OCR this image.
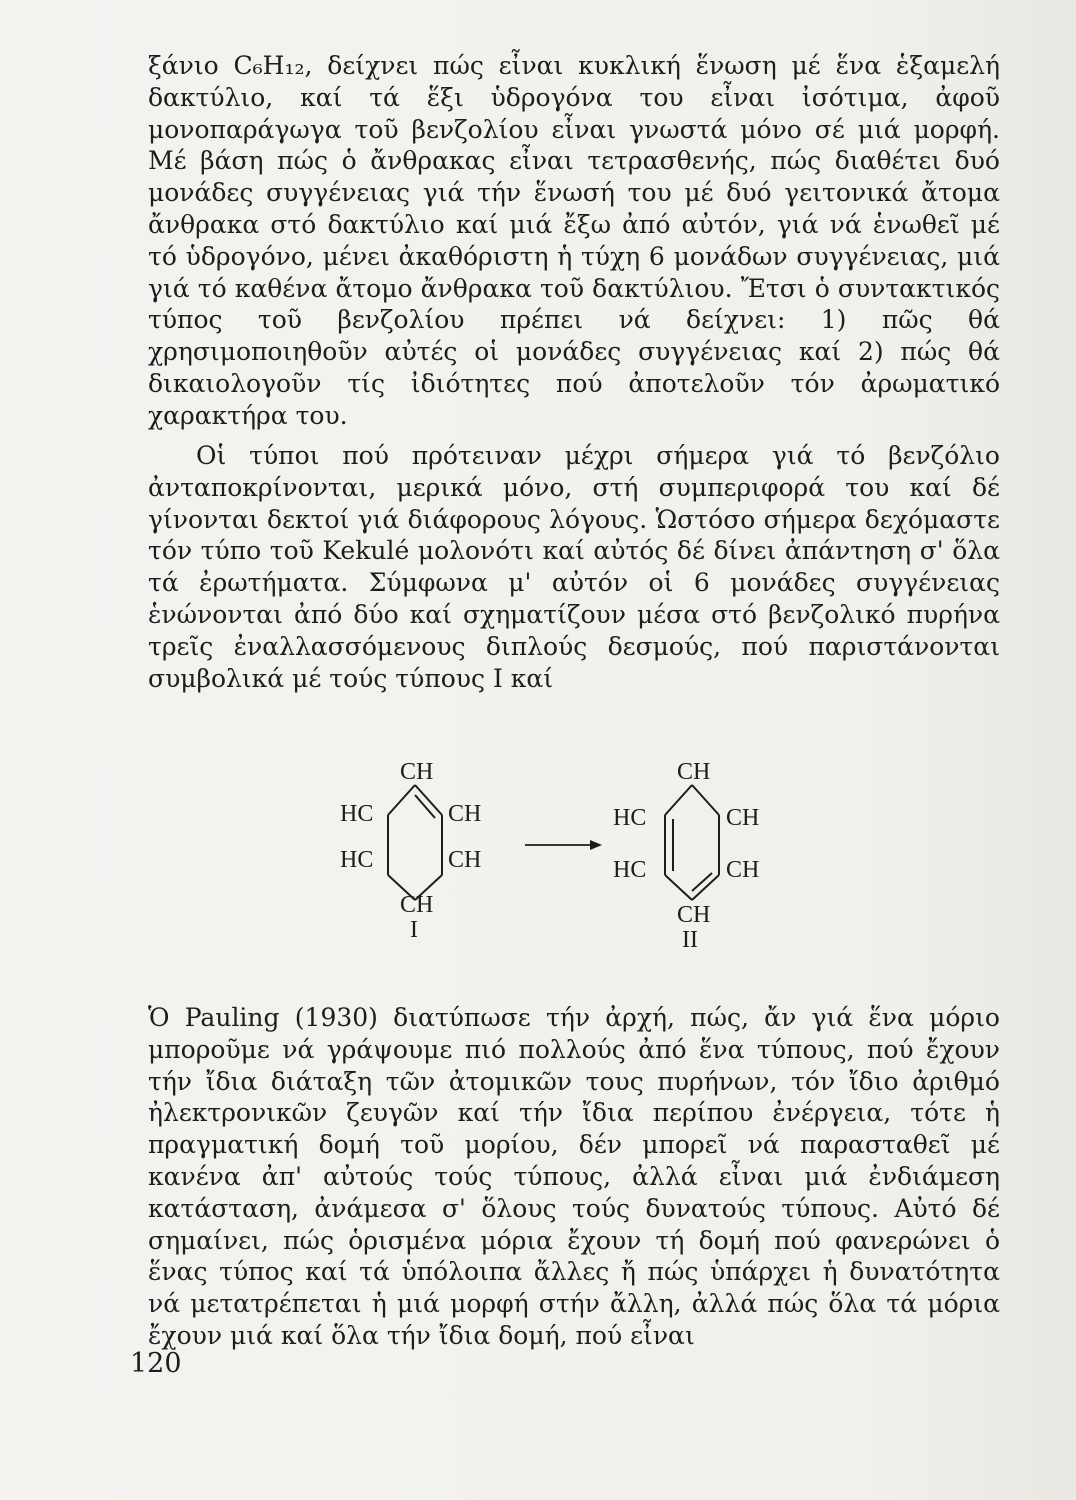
ξάνιο C₆H₁₂, δείχνει πώς εἶναι κυκλική ἕνωση μέ ἕνα ἑξαμελή δακτύλιο, καί τά ἕξι ὑδρογόνα του εἶναι ἰσότιμα, ἀφοῦ μονοπαράγωγα τοῦ βενζολίου εἶναι γνωστά μόνο σέ μιά μορφή. Μέ βάση πώς ὁ ἄνθρακας εἶναι τετρασθενής, πώς διαθέτει δυό μονάδες συγγένειας γιά τήν ἕνωσή του μέ δυό γειτονικά ἄτομα ἄνθρακα στό δακτύλιο καί μιά ἔξω ἀπό αὐτόν, γιά νά ἑνωθεῖ μέ τό ὑδρογόνο, μένει ἀκαθόριστη ἡ τύχη 6 μονάδων συγγένειας, μιά γιά τό καθένα ἄτομο ἄνθρακα τοῦ δακτύλιου. Ἔτσι ὁ συντακτικός τύπος τοῦ βενζολίου πρέπει νά δείχνει: 1) πῶς θά χρησιμοποιηθοῦν αὐτές οἱ μονάδες συγγένειας καί 2) πώς θά δικαιολογοῦν τίς ἰδιότητες πού ἀποτελοῦν τόν ἀρωματικό χαρακτήρα του.

Οἱ τύποι πού πρότειναν μέχρι σήμερα γιά τό βενζόλιο ἀνταποκρίνονται, μερικά μόνο, στή συμπεριφορά του καί δέ γίνονται δεκτοί γιά διάφορους λόγους. Ὡστόσο σήμερα δεχόμαστε τόν τύπο τοῦ Kekulé μολονότι καί αὐτός δέ δίνει ἀπάντηση σ' ὅλα τά ἐρωτήματα. Σύμφωνα μ' αὐτόν οἱ 6 μονάδες συγγένειας ἑνώνονται ἀπό δύο καί σχηματίζουν μέσα στό βενζολικό πυρήνα τρεῖς ἐναλλασσόμενους διπλούς δεσμούς, πού παριστάνονται συμβολικά μέ τούς τύπους I καί

CH
HC	CH
HC	CH
CH
I
CH
HC	CH
HC	CH
CH
II

Ὁ Pauling (1930) διατύπωσε τήν ἀρχή, πώς, ἄν γιά ἕνα μόριο μποροῦμε νά γράψουμε πιό πολλούς ἀπό ἕνα τύπους, πού ἔχουν τήν ἴδια διάταξη τῶν ἀτομικῶν τους πυρήνων, τόν ἴδιο ἀριθμό ἠλεκτρονικῶν ζευγῶν καί τήν ἴδια περίπου ἐνέργεια, τότε ἡ πραγματική δομή τοῦ μορίου, δέν μπορεῖ νά παρασταθεῖ μέ κανένα ἀπ' αὐτούς τούς τύπους, ἀλλά εἶναι μιά ἐνδιάμεση κατάσταση, ἀνάμεσα σ' ὅλους τούς δυνατούς τύπους. Αὐτό δέ σημαίνει, πώς ὁρισμένα μόρια ἔχουν τή δομή πού φανερώνει ὁ ἕνας τύπος καί τά ὑπόλοιπα ἄλλες ἤ πώς ὑπάρχει ἡ δυνατότητα νά μετατρέπεται ἡ μιά μορφή στήν ἄλλη, ἀλλά πώς ὅλα τά μόρια ἔχουν μιά καί ὅλα τήν ἴδια δομή, πού εἶναι

120
